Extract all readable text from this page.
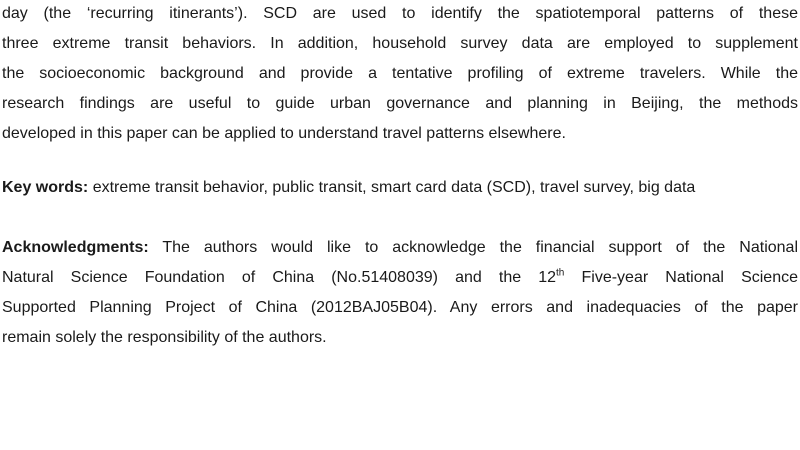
day (the ‘recurring itinerants’). SCD are used to identify the spatiotemporal patterns of these
three extreme transit behaviors. In addition, household survey data are employed to supplement
the socioeconomic background and provide a tentative profiling of extreme travelers. While the
research findings are useful to guide urban governance and planning in Beijing, the methods
developed in this paper can be applied to understand travel patterns elsewhere.
Key words: extreme transit behavior, public transit, smart card data (SCD), travel survey, big data
Acknowledgments: The authors would like to acknowledge the financial support of the National
Natural Science Foundation of China (No.51408039) and the 12th Five-year National Science
Supported Planning Project of China (2012BAJ05B04). Any errors and inadequacies of the paper
remain solely the responsibility of the authors.
